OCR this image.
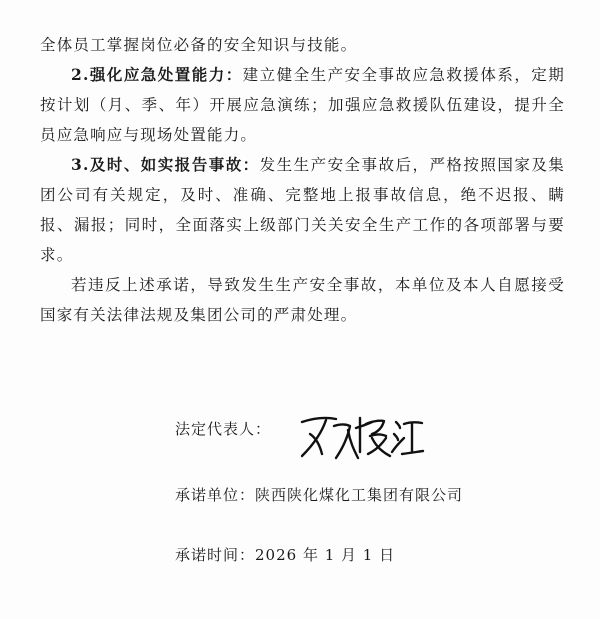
全体员工掌握岗位必备的安全知识与技能。

2.强化应急处置能力：建立健全生产安全事故应急救援体系，定期按计划（月、季、年）开展应急演练；加强应急救援队伍建设，提升全员应急响应与现场处置能力。

3.及时、如实报告事故：发生生产安全事故后，严格按照国家及集团公司有关规定，及时、准确、完整地上报事故信息，绝不迟报、瞒报、漏报；同时，全面落实上级部门关关安全生产工作的各项部署与要求。

若违反上述承诺，导致发生生产安全事故，本单位及本人自愿接受国家有关法律法规及集团公司的严肃处理。

法定代表人：
承诺单位：陕西陕化煤化工集团有限公司
承诺时间：2026 年 1 月 1 日
